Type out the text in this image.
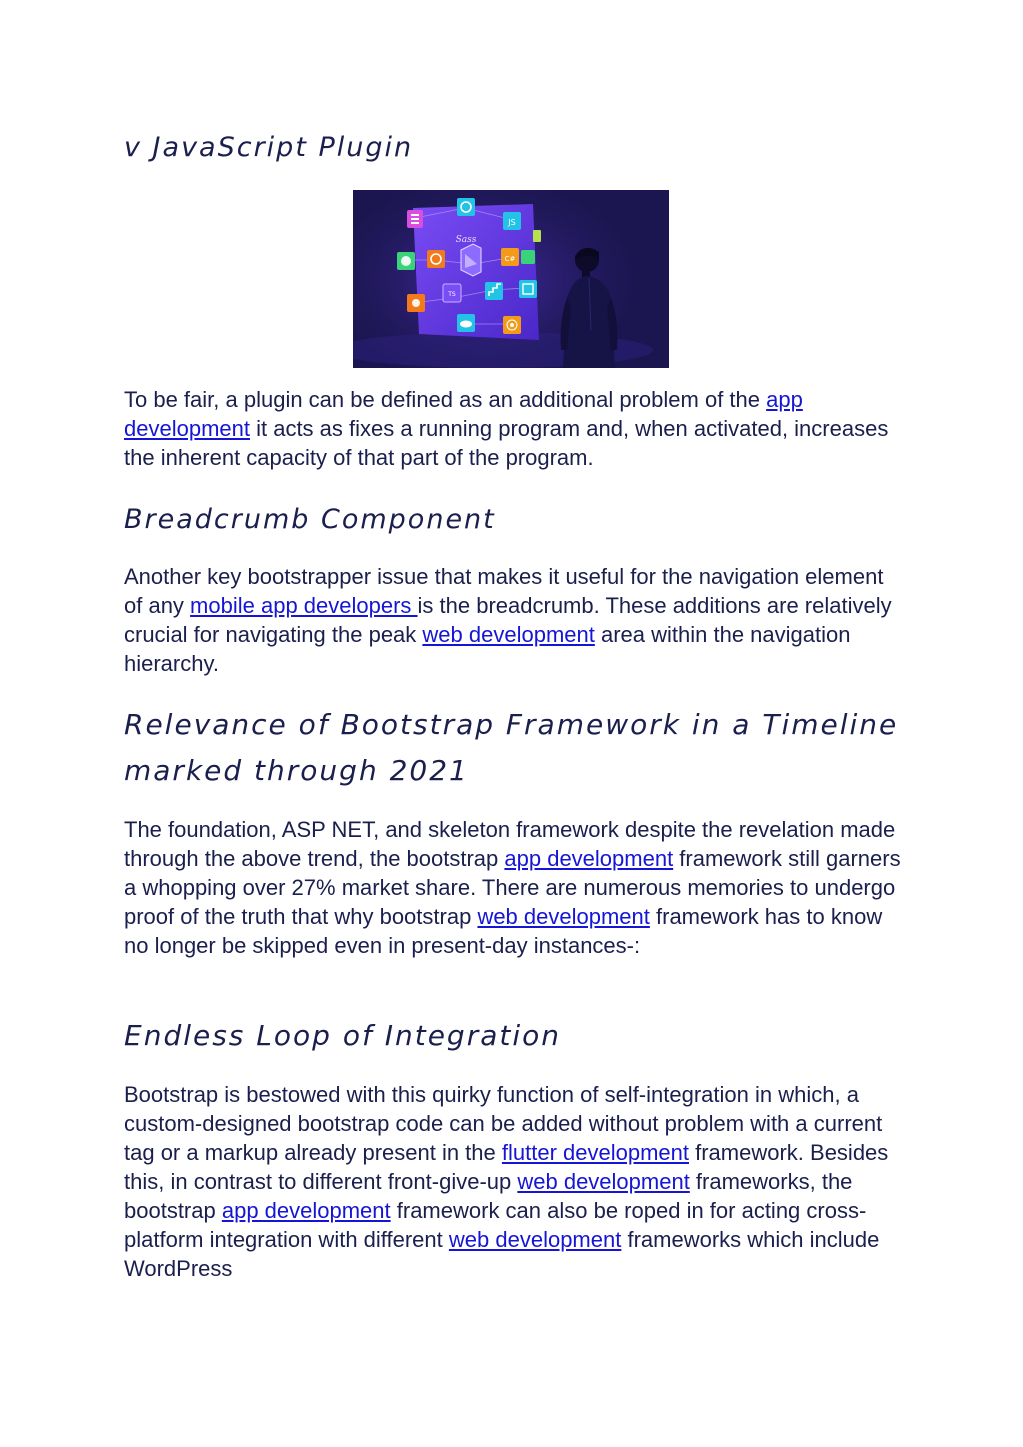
v JavaScript Plugin
JS
Sass
C#
TS

To be fair, a plugin can be defined as an additional problem of the app development it acts as fixes a running program and, when activated, increases the inherent capacity of that part of the program.

Breadcrumb Component

Another key bootstrapper issue that makes it useful for the navigation element of any mobile app developers is the breadcrumb. These additions are relatively crucial for navigating the peak web development area within the navigation hierarchy.

Relevance of Bootstrap Framework in a Timeline marked through 2021

The foundation, ASP NET, and skeleton framework despite the revelation made through the above trend, the bootstrap app development framework still garners a whopping over 27% market share. There are numerous memories to undergo proof of the truth that why bootstrap web development framework has to know no longer be skipped even in present-day instances-:

Endless Loop of Integration

Bootstrap is bestowed with this quirky function of self-integration in which, a custom-designed bootstrap code can be added without problem with a current tag or a markup already present in the flutter development framework. Besides this, in contrast to different front-give-up web development frameworks, the bootstrap app development framework can also be roped in for acting cross-platform integration with different web development frameworks which include WordPress
